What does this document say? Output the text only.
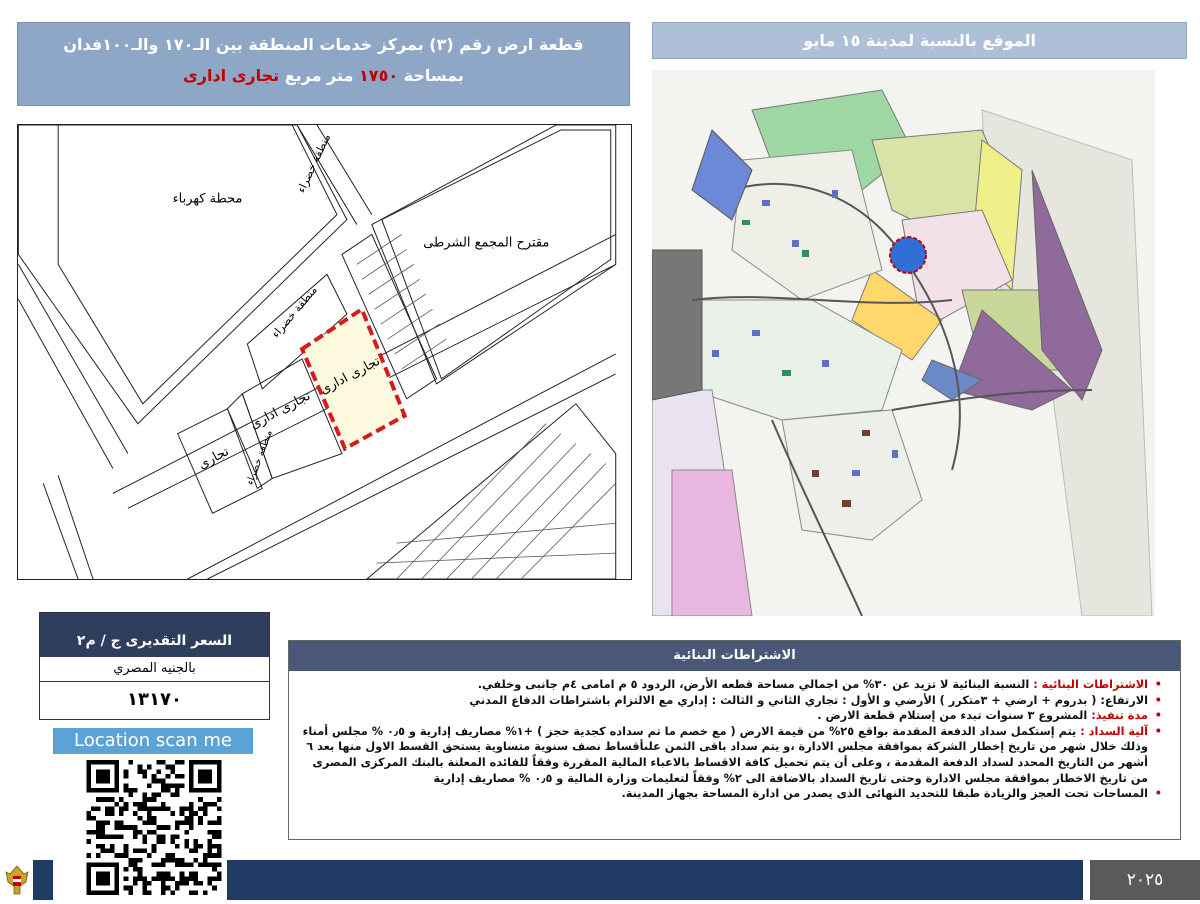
قطعة ارض رقم (٣) بمركز خدمات المنطقة بين الـ١٧٠ والـ١٠٠فدان
بمساحة ١٧٥٠ متر مربع تجارى ادارى
الموقع بالنسبة لمدينة ١٥ مايو
محطة كهرباء
مقترح المجمع الشرطى
منطقة خضراء
منطقة خضراء
منطقة خضراء
تجارى ادارى
تجارى ادارى
تجارى
السعر التقديرى ج / م٢
بالجنيه المصري
١٣١٧٠
Location scan me
الاشتراطات البنائية
• الاشتراطات البنائية : النسبة البنائية لا تزيد عن ٣٠% من اجمالي مساحة قطعه الأرض، الردود ٥ م امامى ٤م جانبى وخلفي.
• الارتفاع: ( بدروم + ارضي + ٣متكرر ) الأرضي و الأول : تجاري الثاني و الثالث : إداري مع الالتزام باشتراطات الدفاع المدني
• مدة تنفيذ: المشروع ٣ سنوات تبدء من إستلام قطعة الارض .
• آلية السداد : يتم إستكمل سداد الدفعة المقدمة بواقع ٢٥% من قيمة الارض ( مع خصم ما تم سداده كجدية حجز ) +١% مصاريف إدارية و ٠٫٥ % مجلس أمناء وذلك خلال شهر من تاريخ إخطار الشركة بموافقة مجلس الادارة ،و يتم سداد باقى الثمن علىأقساط نصف سنوية متساوية يستحق القسط الاول منها بعد ٦ أشهر من التاريخ المحدد لسداد الدفعة المقدمة ، وعلى أن يتم تحميل كافة الاقساط بالاعباء المالية المقررة وفقاً للفائده المعلنة بالبنك المركزى المصرى من تاريخ الاخطار بموافقة مجلس الادارة وحتى تاريخ السداد بالاضافة الى ٢% وفقاً لتعليمات وزارة المالية و ٠٫٥ % مصاريف إدارية
• المساحات تحت العجز والزيادة طبقا للتحديد النهائى الذى يصدر من ادارة المساحة بجهاز المدينة.
٢٠٢٥
